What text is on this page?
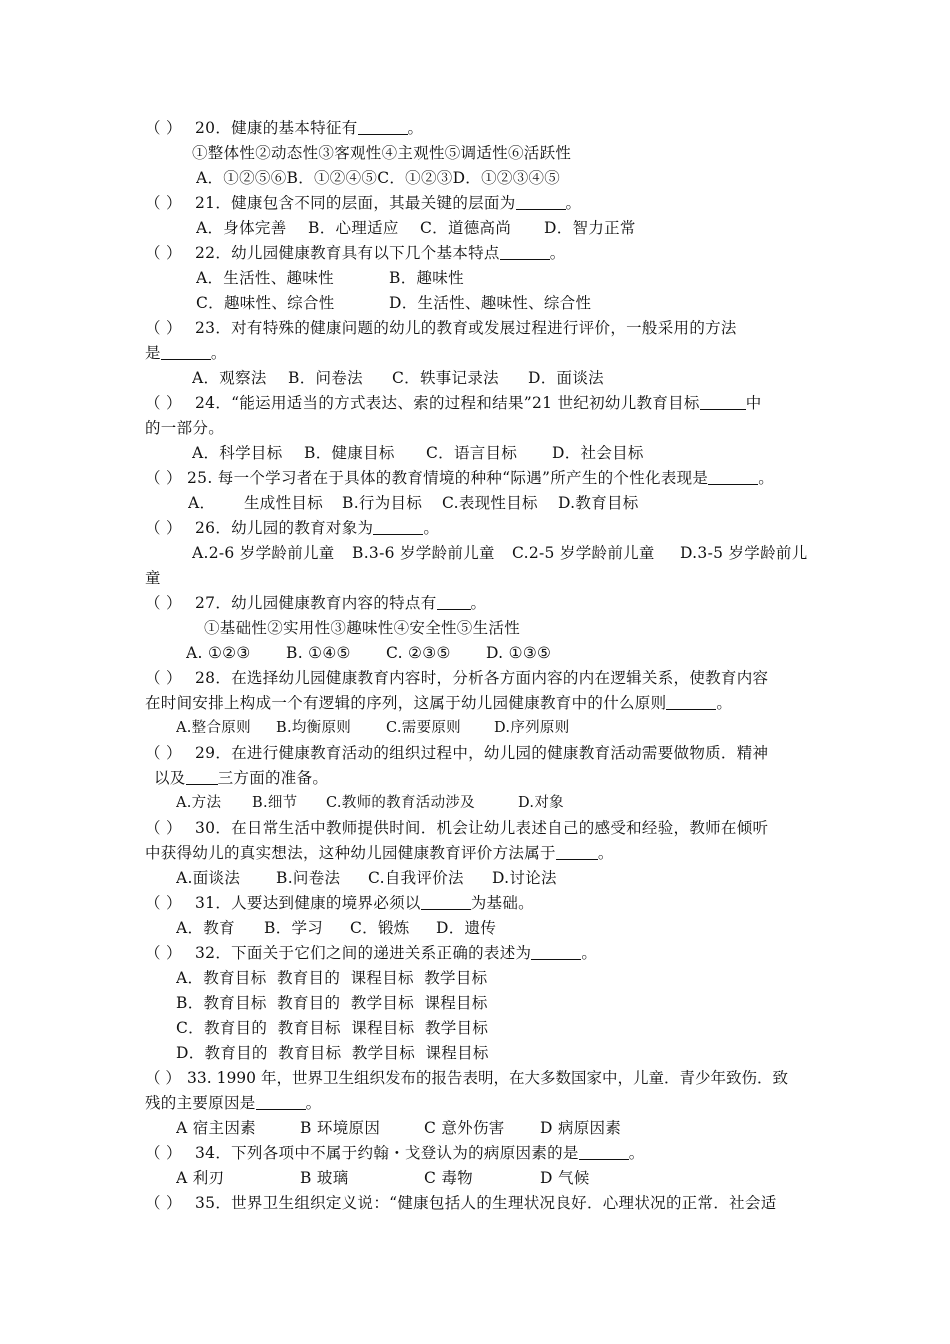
（ ） 20．健康的基本特征有	。
①整体性②动态性③客观性④主观性⑤调适性⑥活跃性
A．①②⑤⑥B．①②④⑤C．①②③D．①②③④⑤
（ ） 21．健康包含不同的层面，其最关键的层面为	。
A．身体完善 B．心理适应 C．道德高尚 D．智力正常
（ ） 22．幼儿园健康教育具有以下几个基本特点	。
A．生活性、趣味性	B．趣味性
C．趣味性、综合性	D．生活性、趣味性、综合性
（ ） 23．对有特殊的健康问题的幼儿的教育或发展过程进行评价，一般采用的方法
是	。
A．观察法 B．问卷法 C．轶事记录法 D．面谈法
（ ） 24．“能运用适当的方式表达、索的过程和结果”21 世纪初幼儿教育目标	中
的一部分。
A．科学目标 B．健康目标 C．语言目标 D．社会目标
（ ） 25. 每一个学习者在于具体的教育情境的种种“际遇”所产生的个性化表现是	。
A． 生成性目标 B.行为目标 C.表现性目标 D.教育目标
（ ） 26．幼儿园的教育对象为	。
A.2-6 岁学龄前儿童 B.3-6 岁学龄前儿童 C.2-5 岁学龄前儿童 D.3-5 岁学龄前儿
童
（ ） 27．幼儿园健康教育内容的特点有 。
①基础性②实用性③趣味性④安全性⑤生活性
A. ①②③ B. ①④⑤ C. ②③⑤ D. ①③⑤
（ ） 28．在选择幼儿园健康教育内容时，分析各方面内容的内在逻辑关系，使教育内容
在时间安排上构成一个有逻辑的序列，这属于幼儿园健康教育中的什么原则	。
A.整合原则 B.均衡原则 C.需要原则 D.序列原则
（ ） 29．在进行健康教育活动的组织过程中，幼儿园的健康教育活动需要做物质．精神
以及 三方面的准备。
A.方法 B.细节 C.教师的教育活动涉及	D.对象
（ ） 30．在日常生活中教师提供时间．机会让幼儿表述自己的感受和经验，教师在倾听
中获得幼儿的真实想法，这种幼儿园健康教育评价方法属于	。
A.面谈法 B.问卷法 C.自我评价法 D.讨论法
（ ） 31．人要达到健康的境界必须以	为基础。
A．教育 B．学习 C．锻炼 D．遗传
（ ） 32．下面关于它们之间的递进关系正确的表述为	。
A．教育目标  教育目的  课程目标  教学目标
B．教育目标  教育目的  教学目标  课程目标
C．教育目的  教育目标  课程目标  教学目标
D．教育目的  教育目标  教学目标  课程目标
（ ） 33. 1990 年，世界卫生组织发布的报告表明，在大多数国家中，儿童．青少年致伤．致
残的主要原因是	。
A 宿主因素	B 环境原因	C 意外伤害 D 病原因素
（ ） 34．下列各项中不属于约翰・戈登认为的病原因素的是	。
A 利刃	B 玻璃	C 毒物	D 气候
（ ） 35．世界卫生组织定义说：“健康包括人的生理状况良好．心理状况的正常．社会适
